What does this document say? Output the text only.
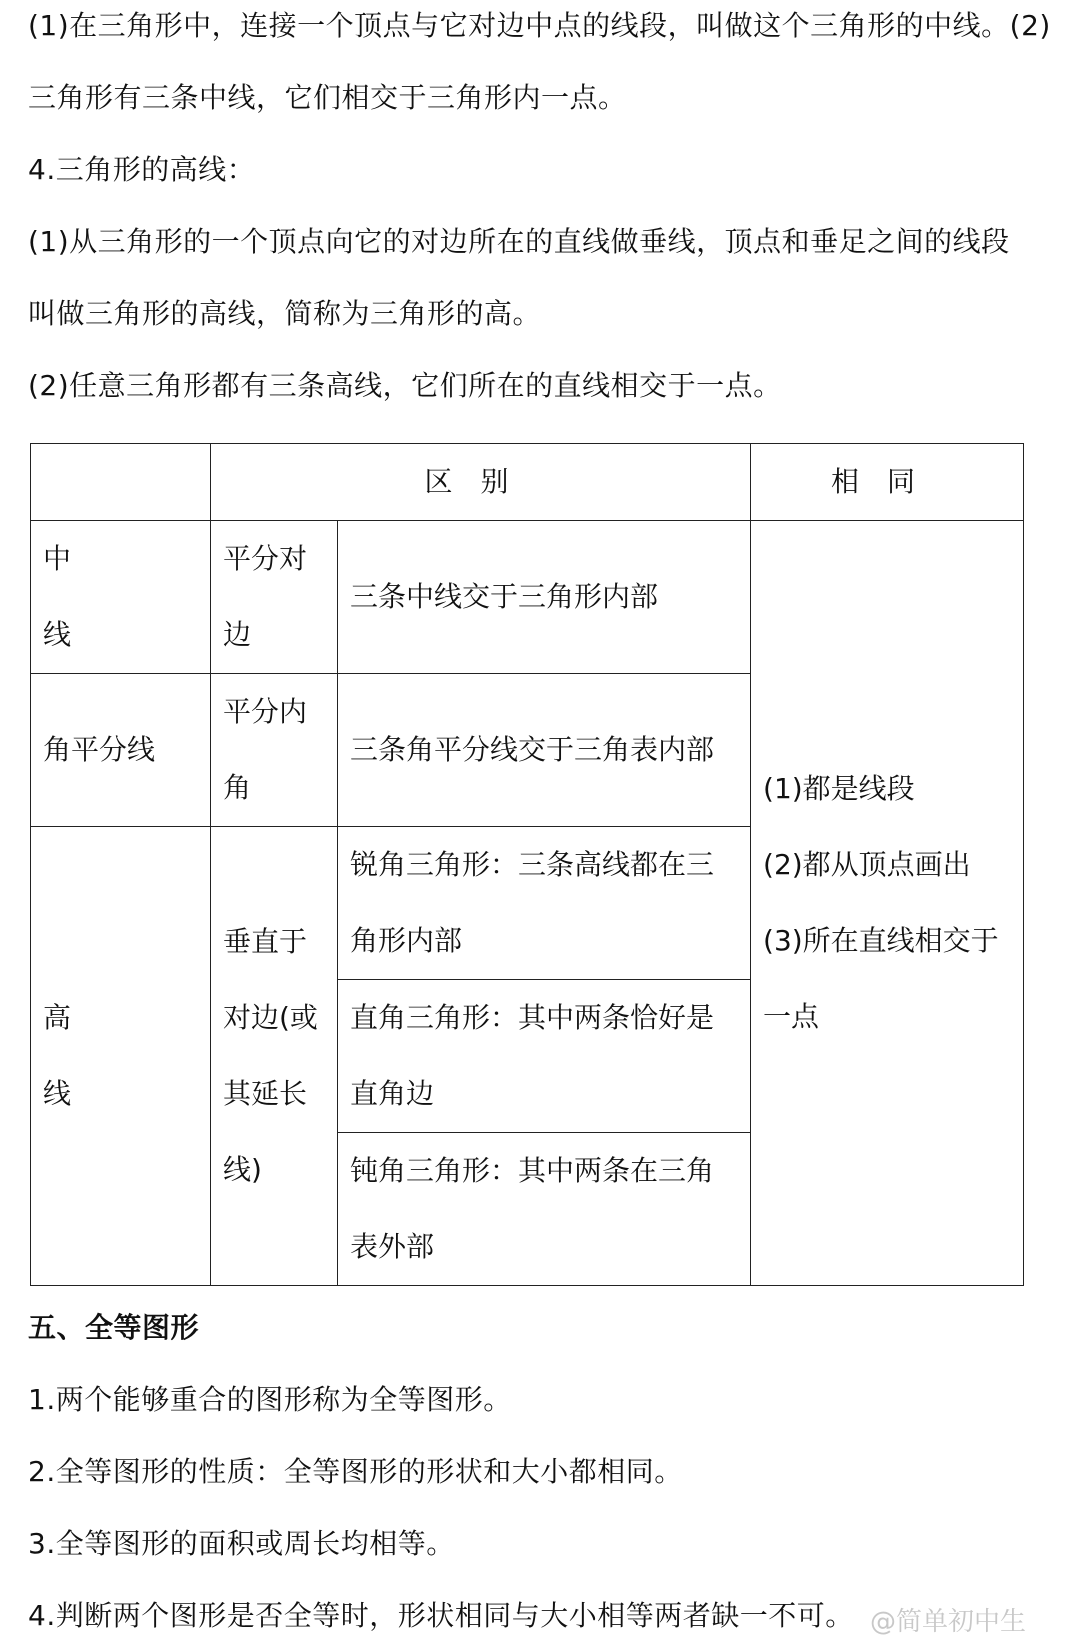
(1)在三角形中，连接一个顶点与它对边中点的线段，叫做这个三角形的中线。(2)
三角形有三条中线，它们相交于三角形内一点。
4.三角形的高线：
(1)从三角形的一个顶点向它的对边所在的直线做垂线，顶点和垂足之间的线段
叫做三角形的高线，简称为三角形的高。
(2)任意三角形都有三条高线，它们所在的直线相交于一点。
	区别		相同
中线	平分对边	三条中线交于三角形内部	(1)都是线段
(2)都从顶点画出
(3)所在直线相交于一点

角平分线	平分内角	三条角平分线交于三角表内部	
高线	垂直于对边(或其延长线)	锐角三角形：三条高线都在三角形内部	

		直角三角形：其中两条恰好是直角边	

		钝角三角形：其中两条在三角表外部	
五、全等图形
1.两个能够重合的图形称为全等图形。
2.全等图形的性质：全等图形的形状和大小都相同。
3.全等图形的面积或周长均相等。
4.判断两个图形是否全等时，形状相同与大小相等两者缺一不可。 @简单初中生
